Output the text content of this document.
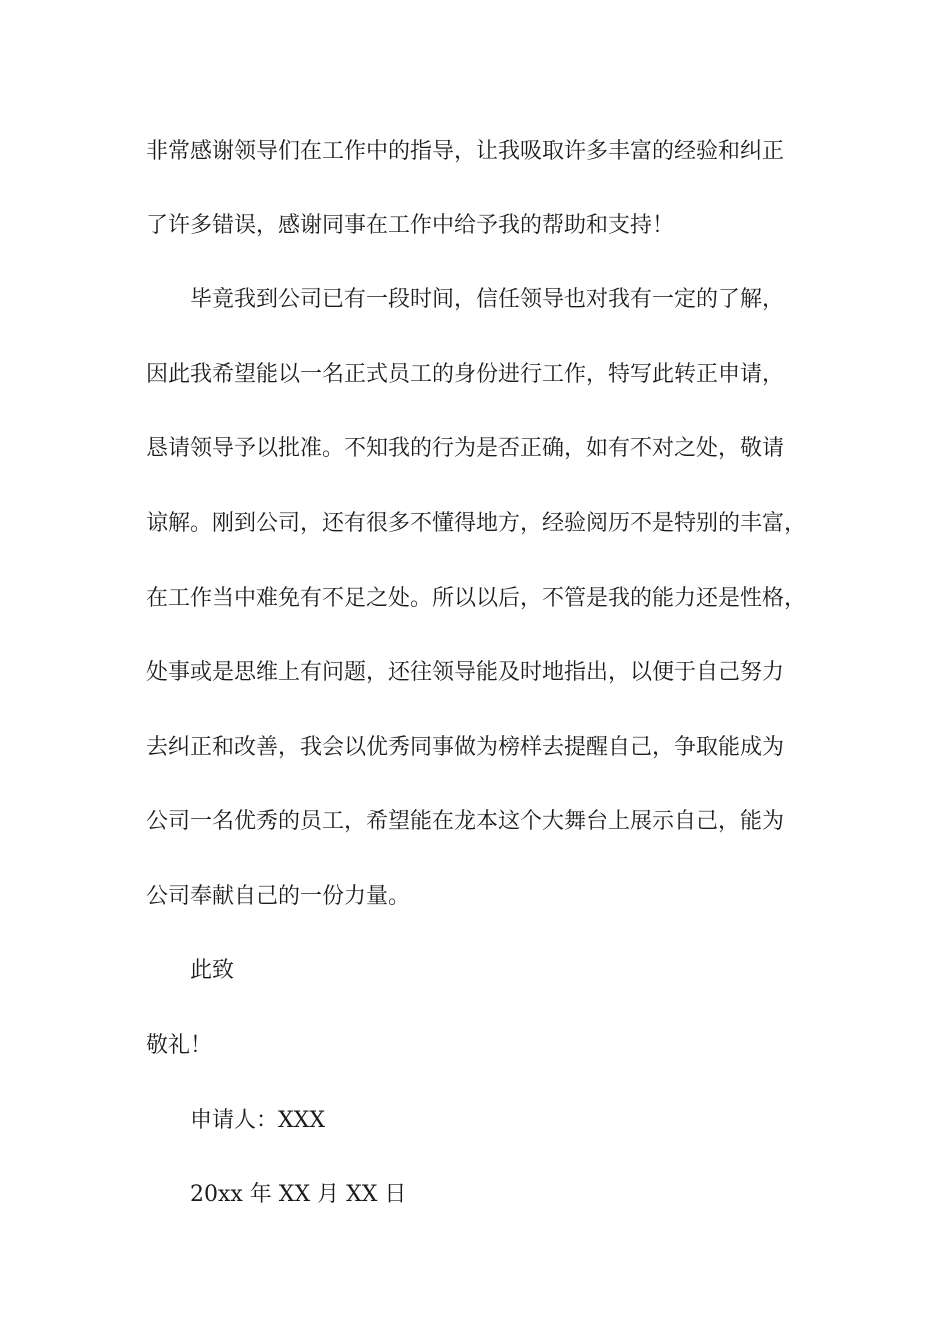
非常感谢领导们在工作中的指导，让我吸取许多丰富的经验和纠正
了许多错误，感谢同事在工作中给予我的帮助和支持！
毕竟我到公司已有一段时间，信任领导也对我有一定的了解，
因此我希望能以一名正式员工的身份进行工作，特写此转正申请，
恳请领导予以批准。不知我的行为是否正确，如有不对之处，敬请
谅解。刚到公司，还有很多不懂得地方，经验阅历不是特别的丰富，
在工作当中难免有不足之处。所以以后，不管是我的能力还是性格，
处事或是思维上有问题，还往领导能及时地指出，以便于自己努力
去纠正和改善，我会以优秀同事做为榜样去提醒自己，争取能成为
公司一名优秀的员工，希望能在龙本这个大舞台上展示自己，能为
公司奉献自己的一份力量。
此致
敬礼！
申请人：XXX
20xx 年 XX 月 XX 日
